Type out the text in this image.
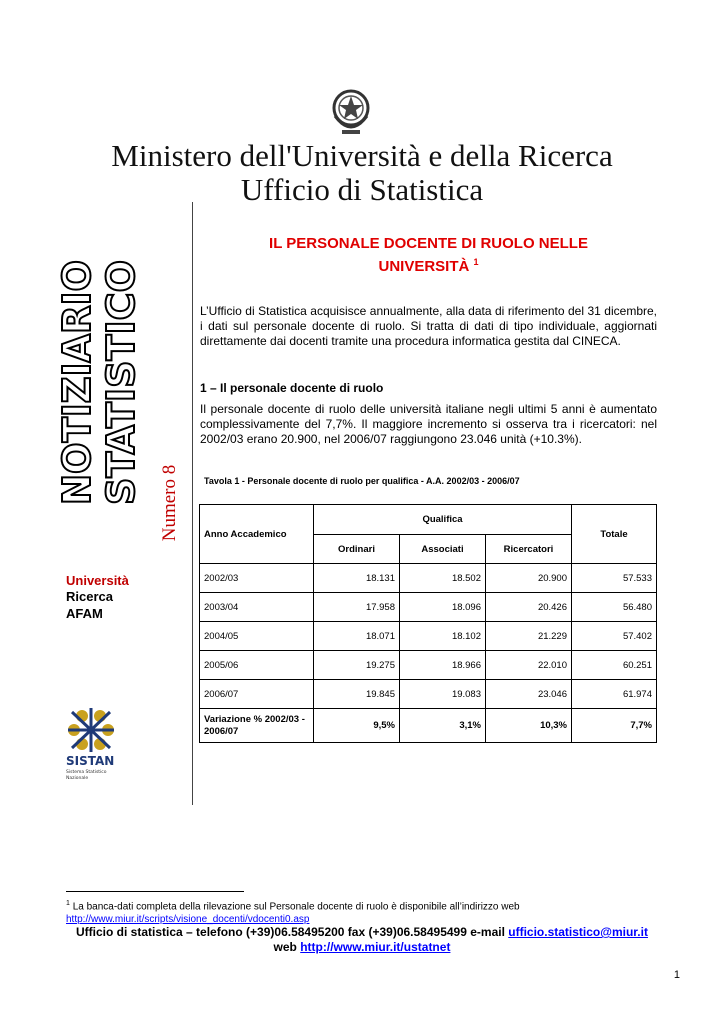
Ministero dell'Università e della Ricerca
Ufficio di Statistica
NOTIZIARIO STATISTICO Numero 8
Università
Ricerca
AFAM
SISTAN
Sistema Statistico
Nazionale
IL PERSONALE DOCENTE DI RUOLO NELLE
UNIVERSITÀ $^1$
L’Ufficio di Statistica acquisisce annualmente, alla data di riferimento del 31 dicembre, i dati sul personale docente di ruolo. Si tratta di dati di tipo individuale, aggiornati direttamente dai docenti tramite una procedura informatica gestita dal CINECA.
1 – Il personale docente di ruolo
Il personale docente di ruolo delle università italiane negli ultimi 5 anni è aumentato complessivamente del 7,7%. Il maggiore incremento si osserva tra i ricercatori: nel 2002/03 erano 20.900, nel 2006/07 raggiungono 23.046 unità (+10.3%).
Tavola 1 - Personale docente di ruolo per qualifica - A.A. 2002/03 - 2006/07
Anno Accademico	Qualifica			Totale
	Ordinari	Associati	Ricercatori	
2002/03	18.131	18.502	20.900	57.533
2003/04	17.958	18.096	20.426	56.480
2004/05	18.071	18.102	21.229	57.402
2005/06	19.275	18.966	22.010	60.251
2006/07	19.845	19.083	23.046	61.974
Variazione % 2002/03 - 2006/07	9,5%	3,1%	10,3%	7,7%
$^1$ La banca-dati completa della rilevazione sul Personale docente di ruolo è disponibile all’indirizzo web
http://www.miur.it/scripts/visione_docenti/vdocenti0.asp
Ufficio di statistica – telefono (+39)06.58495200 fax (+39)06.58495499 e-mail ufficio.statistico@miur.it
web http://www.miur.it/ustatnet
1
